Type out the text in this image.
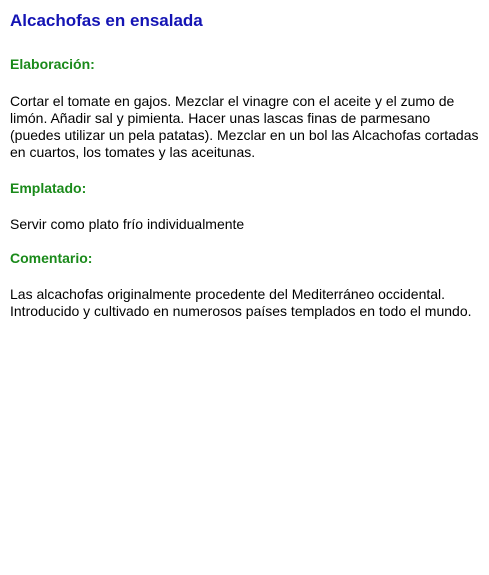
Alcachofas en ensalada
Elaboración:

Cortar el tomate en gajos. Mezclar el vinagre con el aceite y el zumo de limón. Añadir sal y pimienta. Hacer unas lascas finas de parmesano (puedes utilizar un pela patatas). Mezclar en un bol las Alcachofas cortadas en cuartos, los tomates y las aceitunas.

Emplatado:

Servir como plato frío individualmente

Comentario:

Las alcachofas originalmente procedente del Mediterráneo occidental. Introducido y cultivado en numerosos países templados en todo el mundo.
